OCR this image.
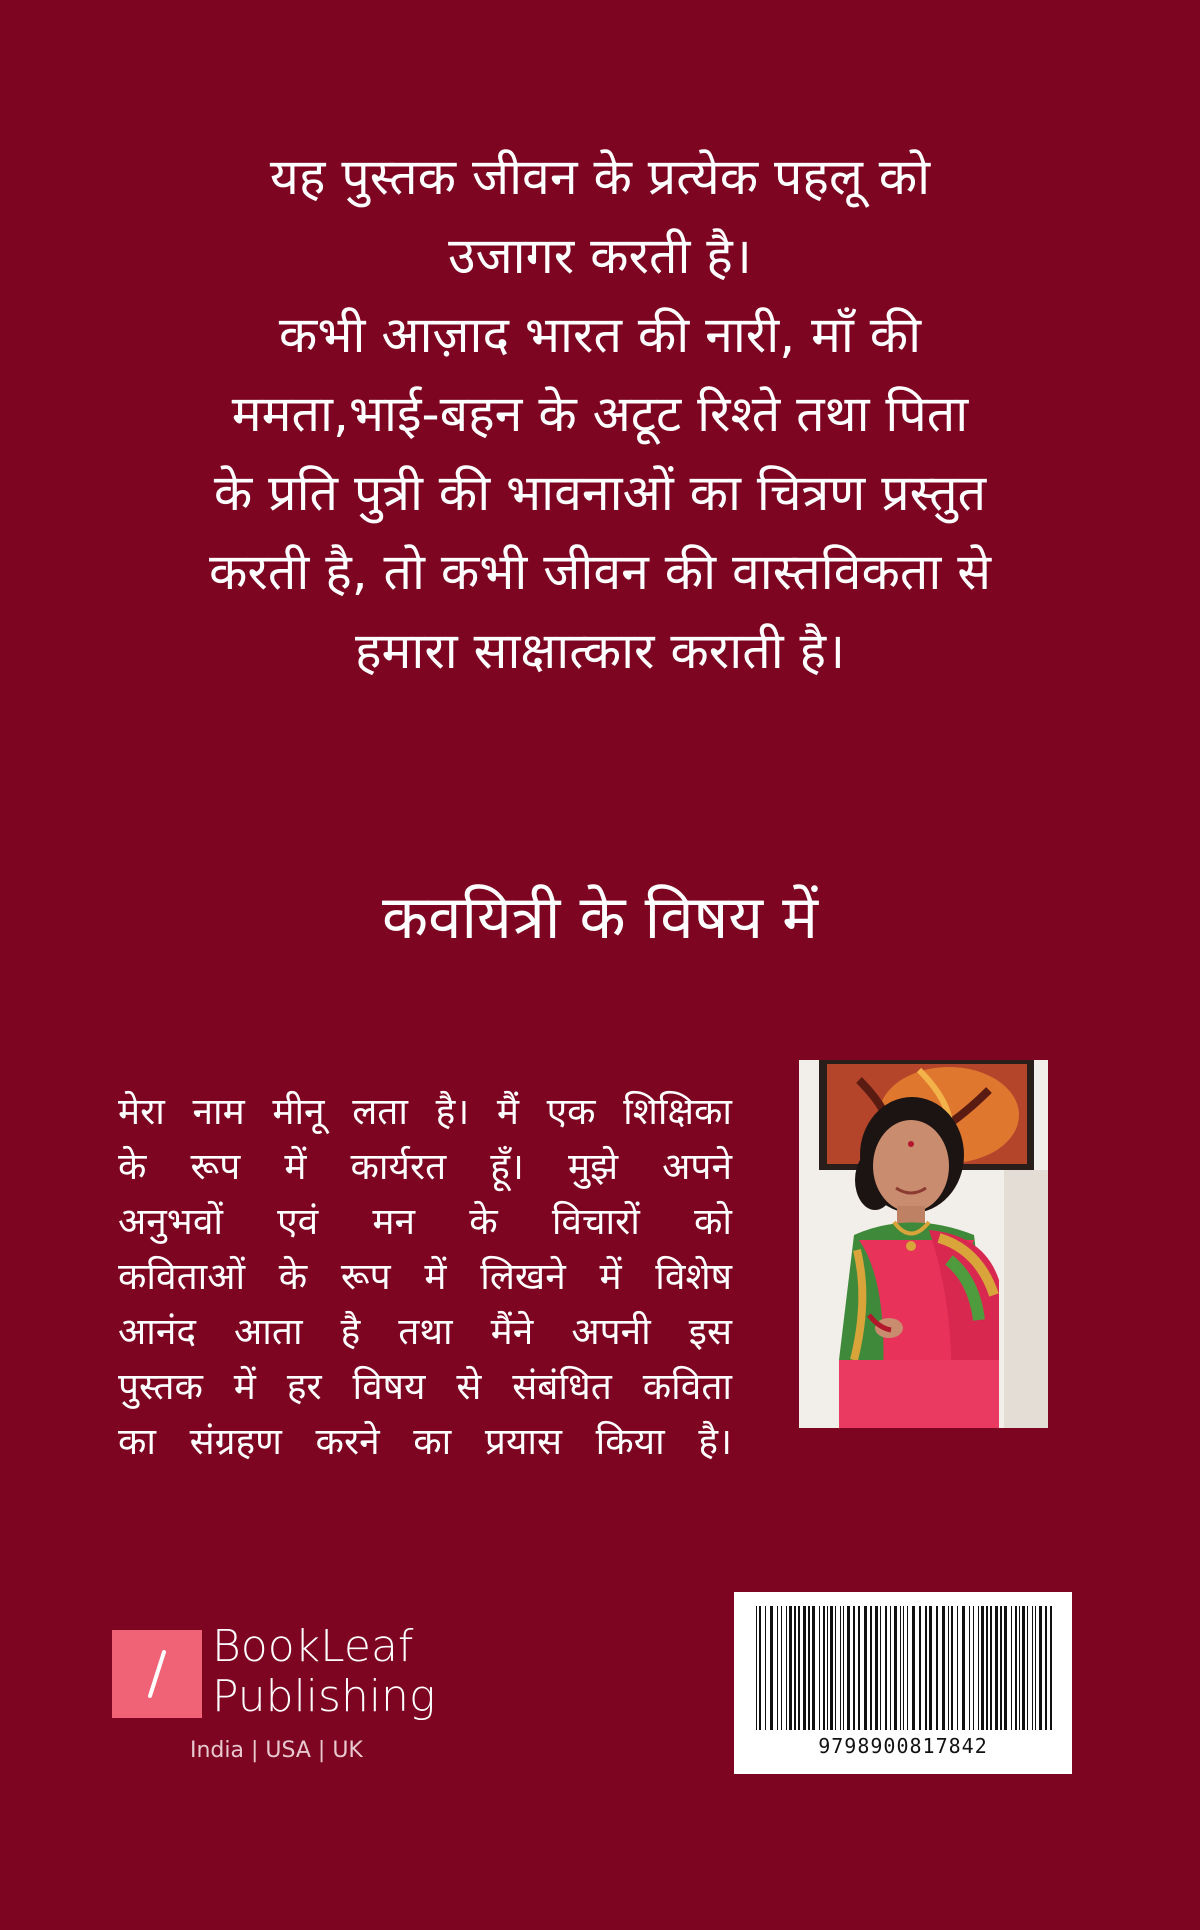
यह पुस्तक जीवन के प्रत्येक पहलू को
उजागर करती है।
कभी आज़ाद भारत की नारी, माँ की
ममता,भाई-बहन के अटूट रिश्ते तथा पिता
के प्रति पुत्री की भावनाओं का चित्रण प्रस्तुत
करती है, तो कभी जीवन की वास्तविकता से
हमारा साक्षात्कार कराती है।
कवयित्री के विषय में
मेरा नाम मीनू लता है। मैं एक शिक्षिका
के रूप में कार्यरत हूँ। मुझे अपने
अनुभवों एवं मन के विचारों को
कविताओं के रूप में लिखने में विशेष
आनंद आता है तथा मैंने अपनी इस
पुस्तक में हर विषय से संबंधित कविता
का संग्रहण करने का प्रयास किया है।
BookLeaf
Publishing
India | USA | UK	9798900817842
